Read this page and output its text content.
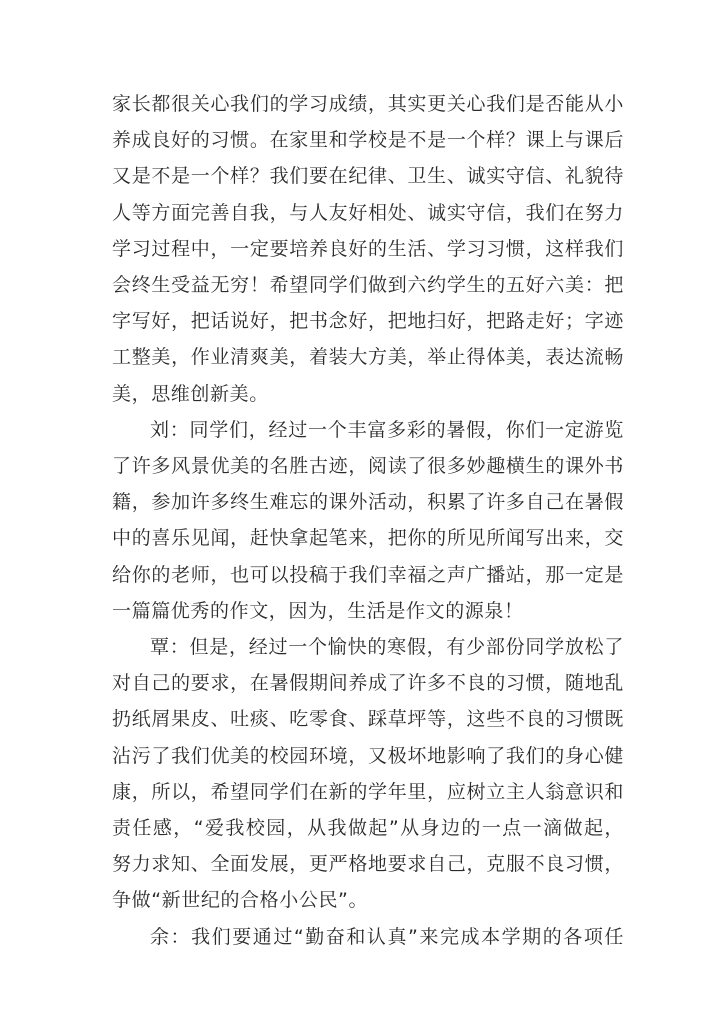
家长都很关心我们的学习成绩，其实更关心我们是否能从小
养成良好的习惯。在家里和学校是不是一个样？课上与课后
又是不是一个样？我们要在纪律、卫生、诚实守信、礼貌待
人等方面完善自我，与人友好相处、诚实守信，我们在努力
学习过程中，一定要培养良好的生活、学习习惯，这样我们
会终生受益无穷！希望同学们做到六约学生的五好六美：把
字写好，把话说好，把书念好，把地扫好，把路走好；字迹
工整美，作业清爽美，着装大方美，举止得体美，表达流畅
美，思维创新美。

刘：同学们，经过一个丰富多彩的暑假，你们一定游览
了许多风景优美的名胜古迹，阅读了很多妙趣横生的课外书
籍，参加许多终生难忘的课外活动，积累了许多自己在暑假
中的喜乐见闻，赶快拿起笔来，把你的所见所闻写出来，交
给你的老师，也可以投稿于我们幸福之声广播站，那一定是
一篇篇优秀的作文，因为，生活是作文的源泉！

覃：但是，经过一个愉快的寒假，有少部份同学放松了
对自己的要求，在暑假期间养成了许多不良的习惯，随地乱
扔纸屑果皮、吐痰、吃零食、踩草坪等，这些不良的习惯既
沾污了我们优美的校园环境，又极坏地影响了我们的身心健
康，所以，希望同学们在新的学年里，应树立主人翁意识和
责任感，“爱我校园，从我做起”从身边的一点一滴做起，
努力求知、全面发展，更严格地要求自己，克服不良习惯，
争做“新世纪的合格小公民”。

余：我们要通过“勤奋和认真”来完成本学期的各项任
